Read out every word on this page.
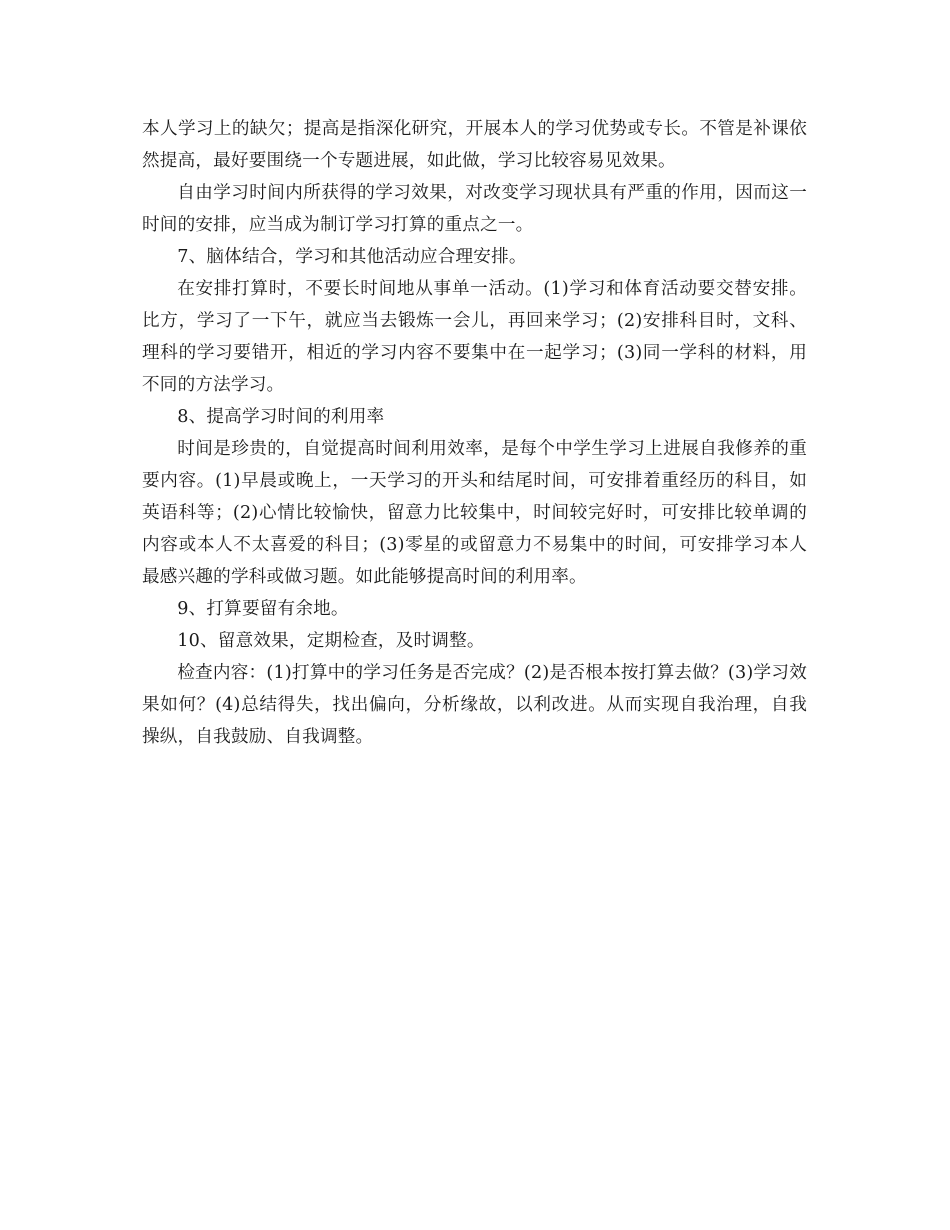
本人学习上的缺欠；提高是指深化研究，开展本人的学习优势或专长。不管是补课依然提高，最好要围绕一个专题进展，如此做，学习比较容易见效果。

自由学习时间内所获得的学习效果，对改变学习现状具有严重的作用，因而这一时间的安排，应当成为制订学习打算的重点之一。

7、脑体结合，学习和其他活动应合理安排。

在安排打算时，不要长时间地从事单一活动。(1)学习和体育活动要交替安排。比方，学习了一下午，就应当去锻炼一会儿，再回来学习；(2)安排科目时，文科、理科的学习要错开，相近的学习内容不要集中在一起学习；(3)同一学科的材料，用不同的方法学习。

8、提高学习时间的利用率

时间是珍贵的，自觉提高时间利用效率，是每个中学生学习上进展自我修养的重要内容。(1)早晨或晚上，一天学习的开头和结尾时间，可安排着重经历的科目，如英语科等；(2)心情比较愉快，留意力比较集中，时间较完好时，可安排比较单调的内容或本人不太喜爱的科目；(3)零星的或留意力不易集中的时间，可安排学习本人最感兴趣的学科或做习题。如此能够提高时间的利用率。

9、打算要留有余地。

10、留意效果，定期检查，及时调整。

检查内容：(1)打算中的学习任务是否完成？(2)是否根本按打算去做？(3)学习效果如何？(4)总结得失，找出偏向，分析缘故，以利改进。从而实现自我治理，自我操纵，自我鼓励、自我调整。
